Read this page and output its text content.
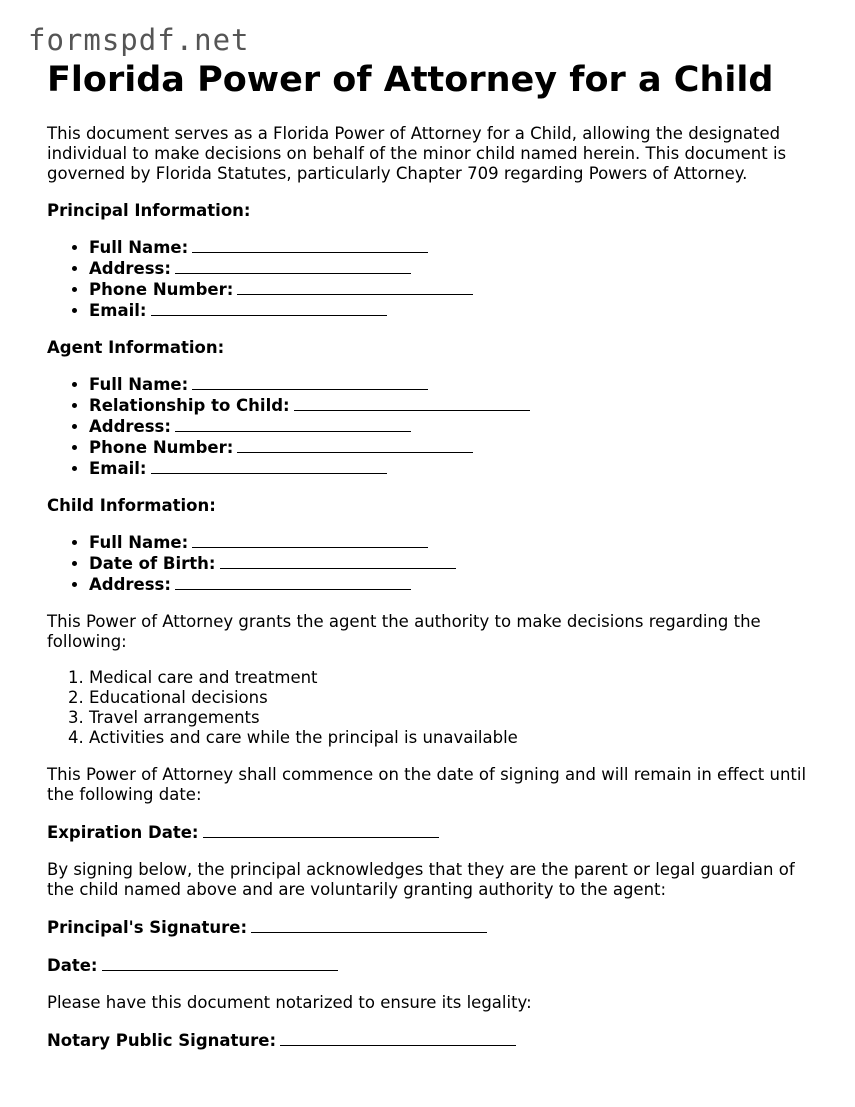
formspdf.net
Florida Power of Attorney for a Child

This document serves as a Florida Power of Attorney for a Child, allowing the designated individual to make decisions on behalf of the minor child named herein. This document is governed by Florida Statutes, particularly Chapter 709 regarding Powers of Attorney.

Principal Information:

• Full Name:
• Address:
• Phone Number:
• Email:

Agent Information:

• Full Name:
• Relationship to Child:
• Address:
• Phone Number:
• Email:

Child Information:

• Full Name:
• Date of Birth:
• Address:

This Power of Attorney grants the agent the authority to make decisions regarding the following:

1. Medical care and treatment
2. Educational decisions
3. Travel arrangements
4. Activities and care while the principal is unavailable

This Power of Attorney shall commence on the date of signing and will remain in effect until the following date:

Expiration Date:

By signing below, the principal acknowledges that they are the parent or legal guardian of the child named above and are voluntarily granting authority to the agent:

Principal's Signature:

Date:

Please have this document notarized to ensure its legality:

Notary Public Signature:
